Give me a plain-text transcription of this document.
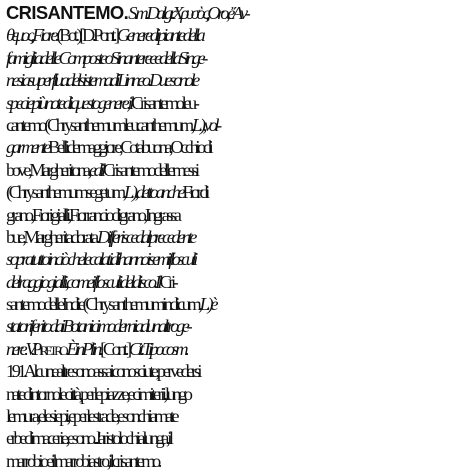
CRISANTEMO. S. m. Dal gr. Χρυσὸς, Oro, e Ἄν-
θεμος, Fiore. (Bot.) [D.Pont.] Genere di piante della
famiglia delle Composte o Sinanteree e della Singe-
nesia superflua del sistema di Linneo. Due sono le
specie più note di questo genere, il Crisantemo leu-
cantemo (Chrysanthemum leucanthemum, L.), vol-
garmente Bellide maggiore, Cota buona, Occhio di
bove, Margheritona, ed il Crisantemo delle messi
(Chrysanthemum segetum, L.), detto anche Fior di
grano, Fiori gialli, Fior rancio di grano, Ingrassa
bue, Margherita dorata. Differisce dal precedente
sopratutto in ciò che le calatidi hanno i semiflosculi
del raggio gialli, come i flosculi del disco. Il Cri-
santemo delle Indie (Chrysanthemum indicum, L.) è
stato riferito dai Botanici moderni ad un altro ge-
nere. V. Piretro. È in Plin. [Cont.] Cit. Tipocosm.
191. Alcune altre sono assai conosciute, per vedersi
nate dintorno le città, per le piazze, e cimiterii, lungo
le mura, e le siepi, e per le strade, e son chiamate
erbe di macerie, e sono... l'aristolochia lunga, il
marrobio e il marrobiastro, il crisantemo.
